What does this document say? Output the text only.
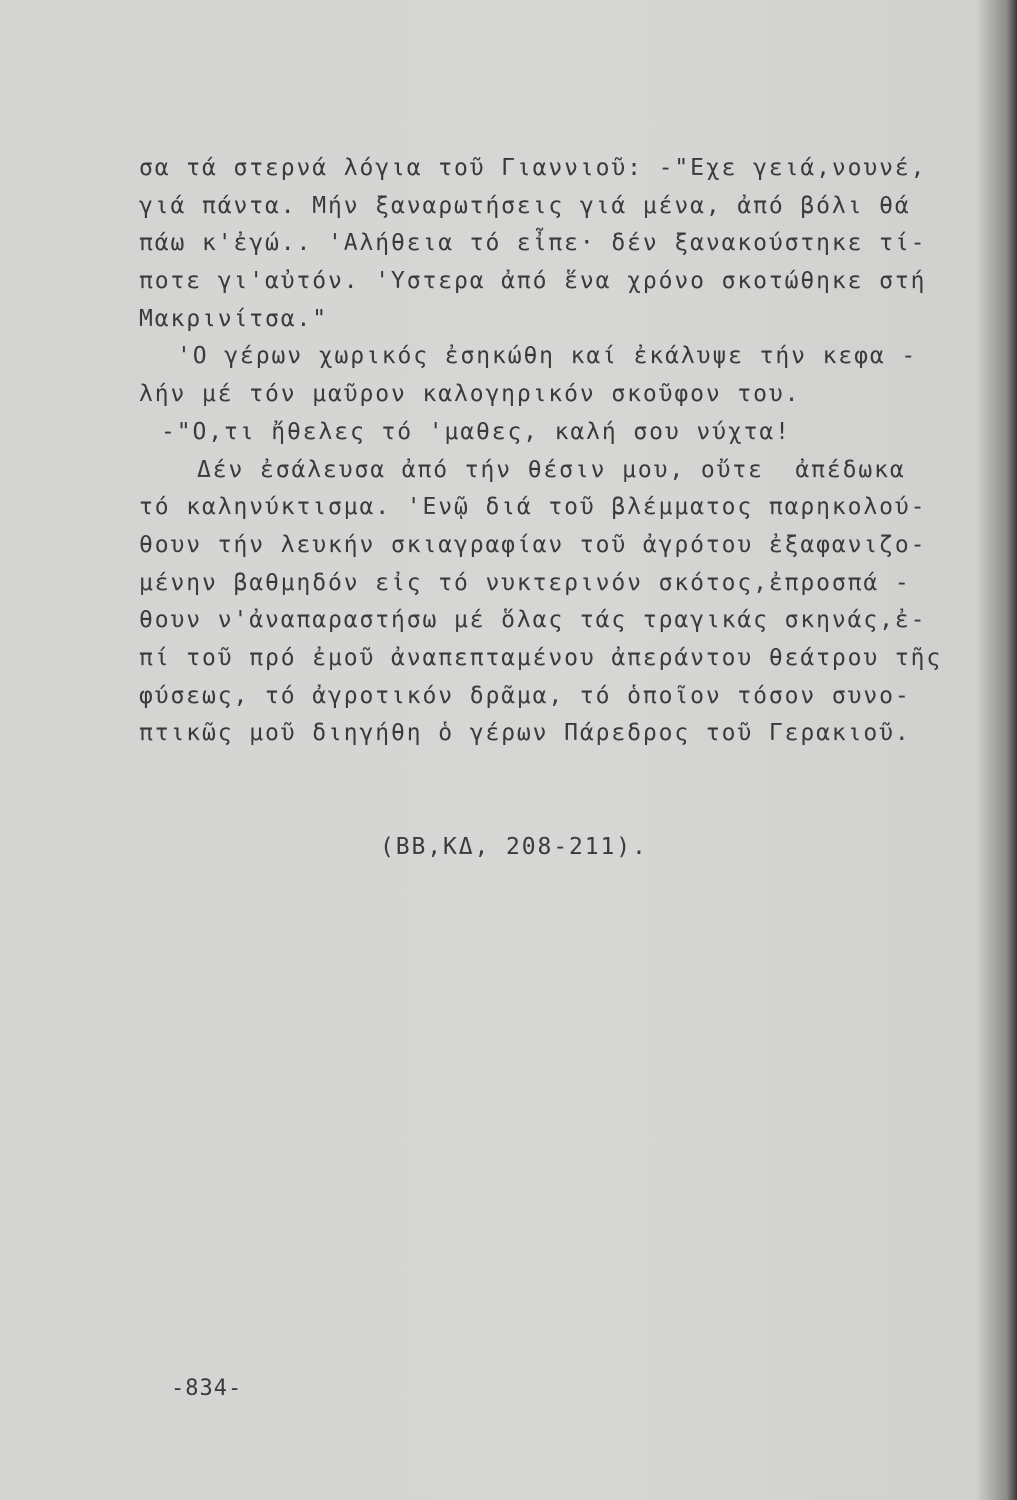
σα τά στερνά λόγια τοῦ Γιαννιοῦ: -"Εχε γειά,νουνέ,
γιά πάντα. Μήν ξαναρωτήσεις γιά μένα, ἀπό βόλι θά
πάω κ'ἐγώ.. 'Αλήθεια τό εἶπε· δέν ξανακούστηκε τί-
ποτε γι'αὐτόν. 'Υστερα ἀπό ἕνα χρόνο σκοτώθηκε στή
Μακρινίτσα."
'Ο γέρων χωρικός ἐσηκώθη καί ἐκάλυψε τήν κεφα -
λήν μέ τόν μαῦρον καλογηρικόν σκοῦφον του.
-"Ο,τι ἤθελες τό 'μαθες, καλή σου νύχτα!
Δέν ἐσάλευσα ἀπό τήν θέσιν μου, οὔτε  ἀπέδωκα
τό καληνύκτισμα. 'Ενῷ διά τοῦ βλέμματος παρηκολού-
θουν τήν λευκήν σκιαγραφίαν τοῦ ἀγρότου ἐξαφανιζο-
μένην βαθμηδόν εἰς τό νυκτερινόν σκότος,ἐπροσπά -
θουν ν'ἀναπαραστήσω μέ ὅλας τάς τραγικάς σκηνάς,ἐ-
πί τοῦ πρό ἐμοῦ ἀναπεπταμένου ἀπεράντου θεάτρου τῆς
φύσεως, τό ἀγροτικόν δρᾶμα, τό ὁποῖον τόσον συνο-
πτικῶς μοῦ διηγήθη ὁ γέρων Πάρεδρος τοῦ Γερακιοῦ.
(ΒΒ,ΚΔ, 208-211).
-834-
